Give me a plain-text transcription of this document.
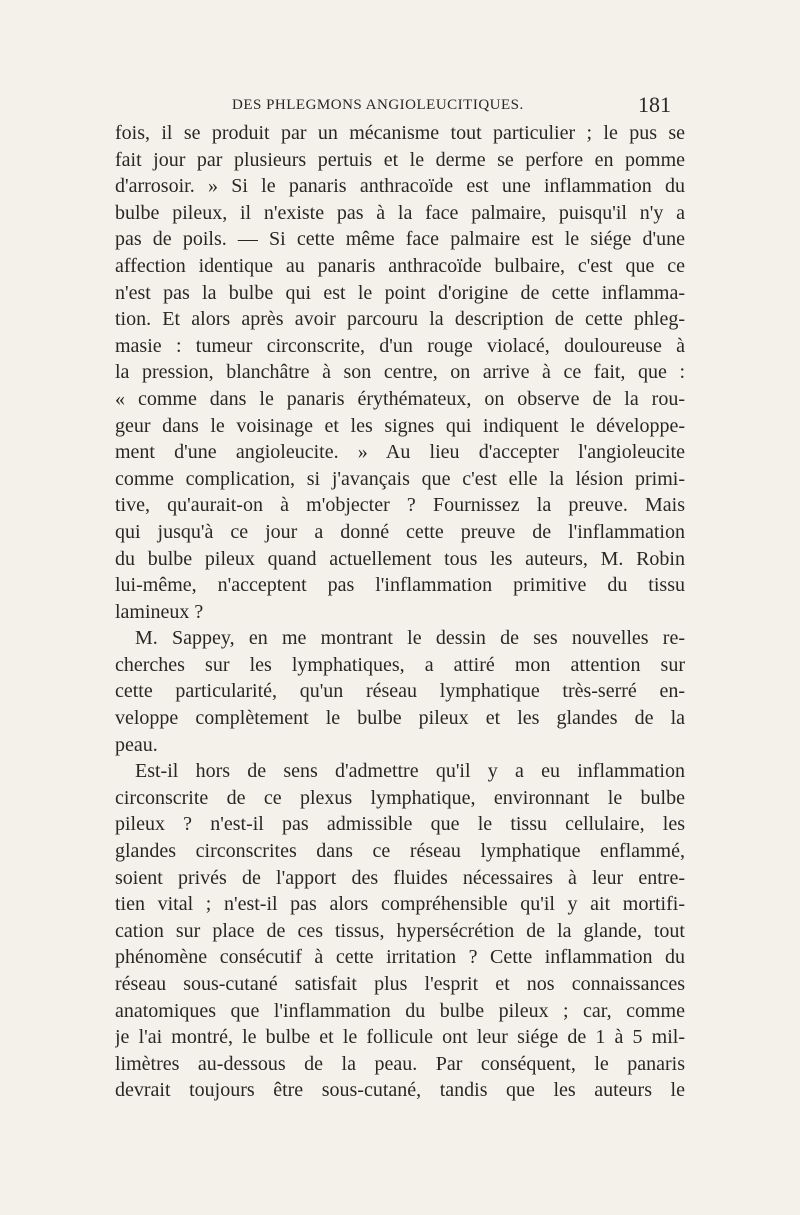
DES PHLEGMONS ANGIOLEUCITIQUES.	181
fois, il se produit par un mécanisme tout particulier ; le pus se
fait jour par plusieurs pertuis et le derme se perfore en pomme
d'arrosoir. » Si le panaris anthracoïde est une inflammation du
bulbe pileux, il n'existe pas à la face palmaire, puisqu'il n'y a
pas de poils. — Si cette même face palmaire est le siége d'une
affection identique au panaris anthracoïde bulbaire, c'est que ce
n'est pas la bulbe qui est le point d'origine de cette inflamma-
tion. Et alors après avoir parcouru la description de cette phleg-
masie : tumeur circonscrite, d'un rouge violacé, douloureuse à
la pression, blanchâtre à son centre, on arrive à ce fait, que :
« comme dans le panaris érythémateux, on observe de la rou-
geur dans le voisinage et les signes qui indiquent le développe-
ment d'une angioleucite. » Au lieu d'accepter l'angioleucite
comme complication, si j'avançais que c'est elle la lésion primi-
tive, qu'aurait-on à m'objecter ? Fournissez la preuve. Mais
qui jusqu'à ce jour a donné cette preuve de l'inflammation
du bulbe pileux quand actuellement tous les auteurs, M. Robin
lui-même, n'acceptent pas l'inflammation primitive du tissu
lamineux ?
M. Sappey, en me montrant le dessin de ses nouvelles re-
cherches sur les lymphatiques, a attiré mon attention sur
cette particularité, qu'un réseau lymphatique très-serré en-
veloppe complètement le bulbe pileux et les glandes de la
peau.
Est-il hors de sens d'admettre qu'il y a eu inflammation
circonscrite de ce plexus lymphatique, environnant le bulbe
pileux ? n'est-il pas admissible que le tissu cellulaire, les
glandes circonscrites dans ce réseau lymphatique enflammé,
soient privés de l'apport des fluides nécessaires à leur entre-
tien vital ; n'est-il pas alors compréhensible qu'il y ait mortifi-
cation sur place de ces tissus, hypersécrétion de la glande, tout
phénomène consécutif à cette irritation ? Cette inflammation du
réseau sous-cutané satisfait plus l'esprit et nos connaissances
anatomiques que l'inflammation du bulbe pileux ; car, comme
je l'ai montré, le bulbe et le follicule ont leur siége de 1 à 5 mil-
limètres au-dessous de la peau. Par conséquent, le panaris
devrait toujours être sous-cutané, tandis que les auteurs le
